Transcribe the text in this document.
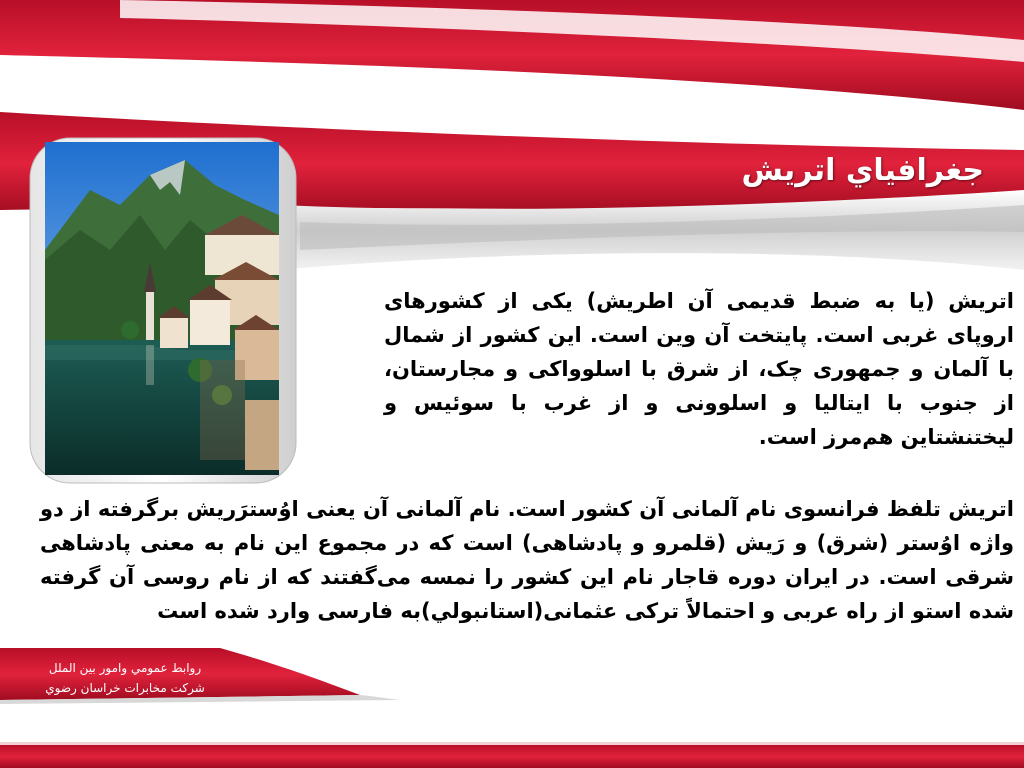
جغرافياي اتريش
اتریش (یا به ضبط قدیمی آن اطریش) یکی از کشورهای اروپای غربی است. پایتخت آن وین است. این کشور از شمال با آلمان و جمهوری چک، از شرق با اسلوواکی و مجارستان، از جنوب با ایتالیا و اسلوونی و از غرب با سوئیس و لیختنشتاین هم‌مرز است.
اتریش تلفظ فرانسوی نام آلمانی آن کشور است. نام آلمانی آن یعنی اوُسترَریش برگرفته از دو واژه اوُستر (شرق) و رَیش (قلمرو و پادشاهی) است که در مجموع این نام به معنی پادشاهی شرقی است. در ایران دوره قاجار نام این کشور را نمسه می‌گفتند که از نام روسی آن گرفته شده استو از راه عربی و احتمالاً ترکی عثمانی(استانبولي)به فارسی وارد شده است
روابط عمومي وامور بين الملل
شركت مخابرات خراسان رضوي
